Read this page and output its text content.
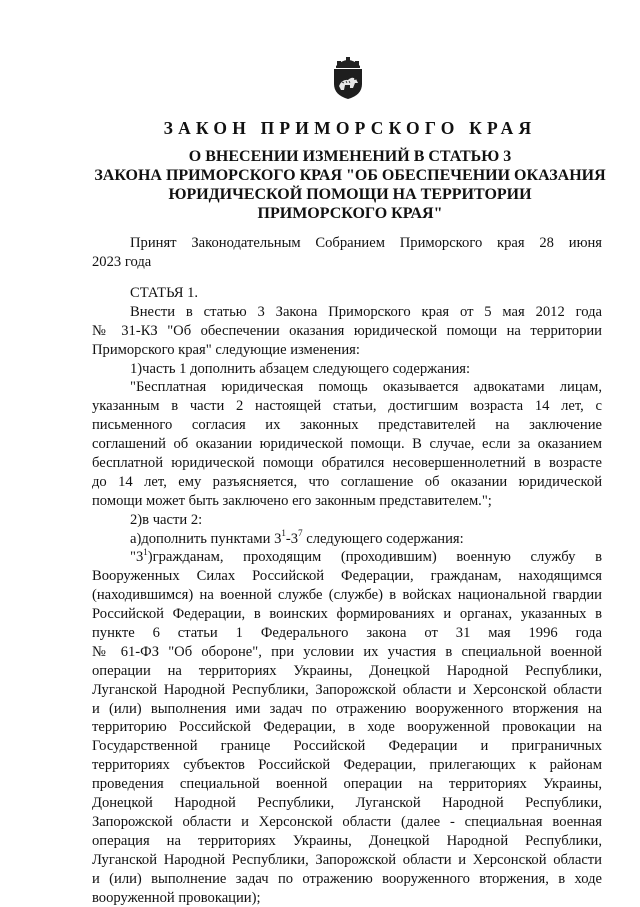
ЗАКОН ПРИМОРСКОГО КРАЯ
О ВНЕСЕНИИ ИЗМЕНЕНИЙ В СТАТЬЮ 3
ЗАКОНА ПРИМОРСКОГО КРАЯ "ОБ ОБЕСПЕЧЕНИИ ОКАЗАНИЯ
ЮРИДИЧЕСКОЙ ПОМОЩИ НА ТЕРРИТОРИИ
ПРИМОРСКОГО КРАЯ"
Принят Законодательным Собранием Приморского края 28 июня
2023 года
СТАТЬЯ 1.
Внести в статью 3 Закона Приморского края от 5 мая 2012 года
№ 31-КЗ "Об обеспечении оказания юридической помощи на территории
Приморского края" следующие изменения:
1)часть 1 дополнить абзацем следующего содержания:
"Бесплатная юридическая помощь оказывается адвокатами лицам,
указанным в части 2 настоящей статьи, достигшим возраста 14 лет, с
письменного согласия их законных представителей на заключение
соглашений об оказании юридической помощи. В случае, если за оказанием
бесплатной юридической помощи обратился несовершеннолетний в возрасте
до 14 лет, ему разъясняется, что соглашение об оказании юридической
помощи может быть заключено его законным представителем.";
2)в части 2:
а)дополнить пунктами $3^1-3^7$ следующего содержания:
"$3^1)гражданам$, проходящим (проходившим) военную службу в
Вооруженных Силах Российской Федерации, гражданам, находящимся
(находившимся) на военной службе (службе) в войсках национальной гвардии
Российской Федерации, в воинских формированиях и органах, указанных в
пункте 6 статьи 1 Федерального закона от 31 мая 1996 года
№ 61-ФЗ "Об обороне", при условии их участия в специальной военной
операции на территориях Украины, Донецкой Народной Республики,
Луганской Народной Республики, Запорожской области и Херсонской области
и (или) выполнения ими задач по отражению вооруженного вторжения на
территорию Российской Федерации, в ходе вооруженной провокации на
Государственной границе Российской Федерации и приграничных
территориях субъектов Российской Федерации, прилегающих к районам
проведения специальной военной операции на территориях Украины,
Донецкой Народной Республики, Луганской Народной Республики,
Запорожской области и Херсонской области (далее - специальная военная
операция на территориях Украины, Донецкой Народной Республики,
Луганской Народной Республики, Запорожской области и Херсонской области
и (или) выполнение задач по отражению вооруженного вторжения, в ходе
вооруженной провокации);
